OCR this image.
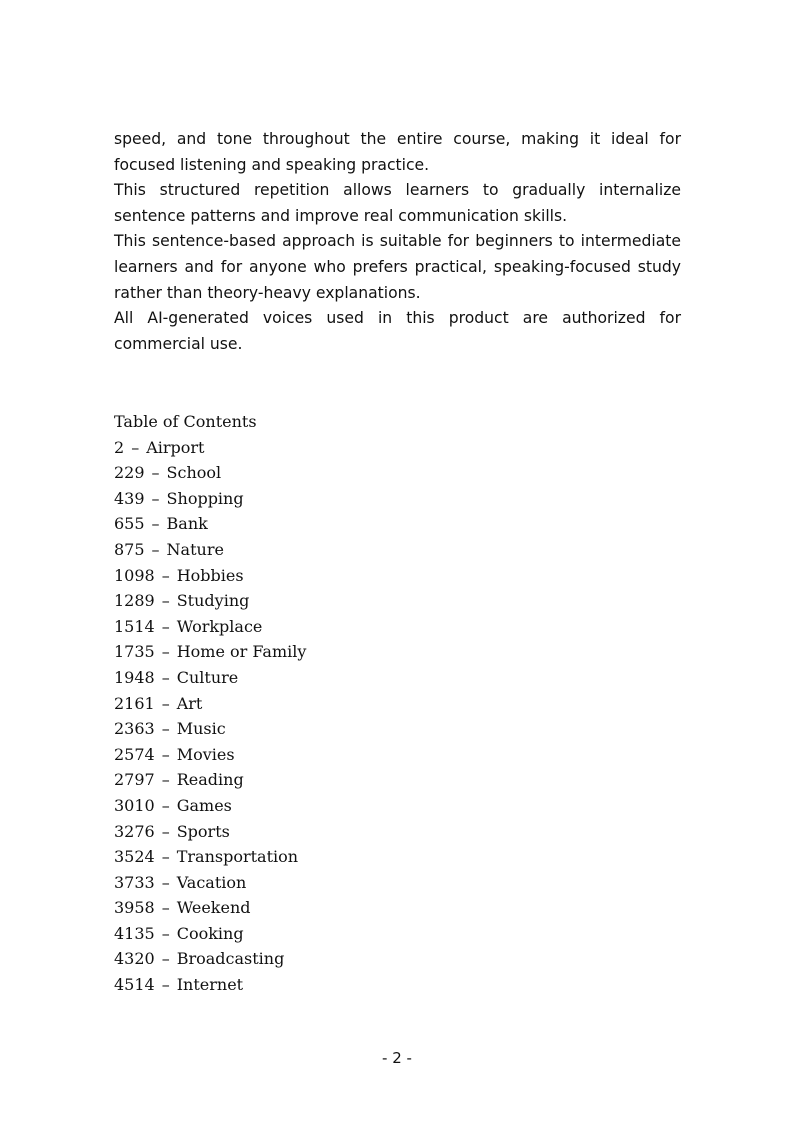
speed, and tone throughout the entire course, making it ideal for focused listening and speaking practice.

This structured repetition allows learners to gradually internalize sentence patterns and improve real communication skills.

This sentence-based approach is suitable for beginners to intermediate learners and for anyone who prefers practical, speaking-focused study rather than theory-heavy explanations.

All AI-generated voices used in this product are authorized for commercial use.

Table of Contents
2 – Airport
229 – School
439 – Shopping
655 – Bank
875 – Nature
1098 – Hobbies
1289 – Studying
1514 – Workplace
1735 – Home or Family
1948 – Culture
2161 – Art
2363 – Music
2574 – Movies
2797 – Reading
3010 – Games
3276 – Sports
3524 – Transportation
3733 – Vacation
3958 – Weekend
4135 – Cooking
4320 – Broadcasting
4514 – Internet
- 2 -
